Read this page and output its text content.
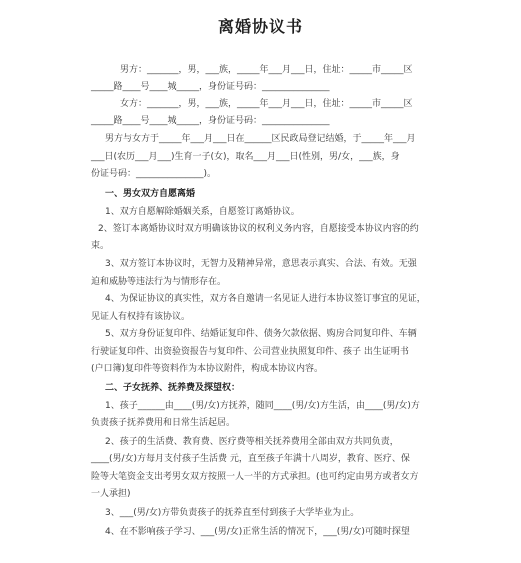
离婚协议书
男方：_______，男，___族，_____年___月___日，住址：_____市_____区
_____路____号____城_____，身份证号码：_______________
女方：_______，男，___族，_____年___月___日，住址：_____市_____区
_____路____号____城_____，身份证号码：_______________
男方与女方于_____年___月___日在______区民政局登记结婚，于_____年___月
___日(农历___月___)生育一子(女)，取名___月___日(性别，男/女，___族，身
份证号码：_______________)。
一、男女双方自愿离婚
1、双方自愿解除婚姻关系，自愿签订离婚协议。
2、签订本离婚协议时双方明确该协议的权利义务内容，自愿接受本协议内容的约
束。
3、双方签订本协议时，无智力及精神异常，意思表示真实、合法、有效。无强
迫和威胁等违法行为与情形存在。
4、为保证协议的真实性，双方各自邀请一名见证人进行本协议签订事宜的见证，
见证人有权持有该协议。
5、双方身份证复印件、结婚证复印件、债务欠款依据、购房合同复印件、车辆
行驶证复印件、出资验资报告与复印件、公司营业执照复印件、孩子 出生证明书
(户口簿)复印件等资料作为本协议附件，构成本协议内容。
二、子女抚养、抚养费及探望权：
1、孩子______由____(男/女)方抚养，随同____(男/女)方生活，由____(男/女)方
负责孩子抚养费用和日常生活起居。
2、孩子的生活费、教育费、医疗费等相关抚养费用全部由双方共同负责，
____(男/女)方每月支付孩子生活费 元，直至孩子年满十八周岁，教育、医疗、保
险等大笔资金支出考男女双方按照一人一半的方式承担。(也可约定由男方或者女方
一人承担)
3、___(男/女)方带负责孩子的抚养直至付到孩子大学毕业为止。
4、在不影响孩子学习、___(男/女)正常生活的情况下，___(男/女)可随时探望
